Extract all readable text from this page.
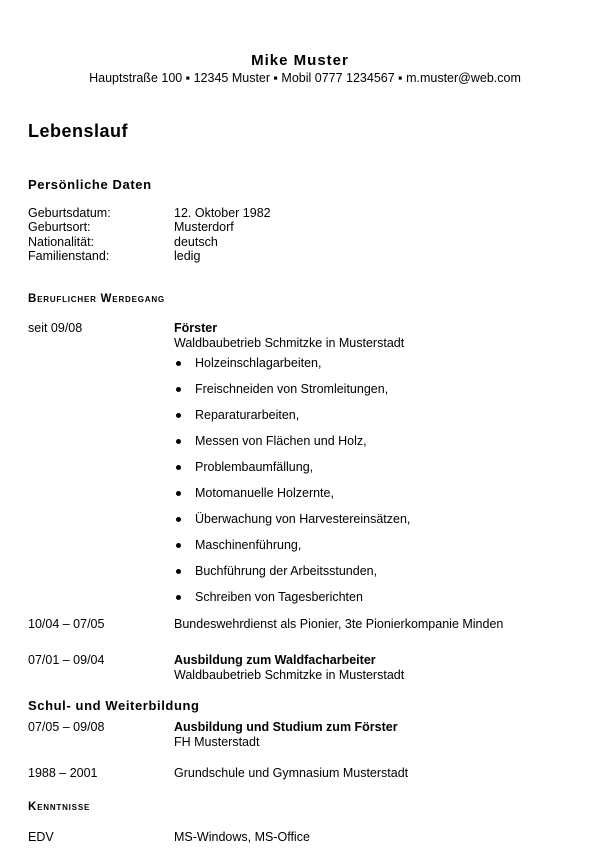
Mike Muster
Hauptstraße 100 ▪ 12345 Muster ▪ Mobil 0777 1234567 ▪ m.muster@web.com
Lebenslauf
Persönliche Daten
Geburtsdatum:	12. Oktober 1982
Geburtsort:	Musterdorf
Nationalität:	deutsch
Familienstand:	ledig
Beruflicher Werdegang
seit 09/08	Förster
Waldbaubetrieb Schmitzke in Musterstadt
Holzeinschlagarbeiten,
Freischneiden von Stromleitungen,
Reparaturarbeiten,
Messen von Flächen und Holz,
Problembaumfällung,
Motomanuelle Holzernte,
Überwachung von Harvestereinsätzen,
Maschinenführung,
Buchführung der Arbeitsstunden,
Schreiben von Tagesberichten
10/04 – 07/05	Bundeswehrdienst als Pionier, 3te Pionierkompanie Minden
07/01 – 09/04	Ausbildung zum Waldfacharbeiter
Waldbaubetrieb Schmitzke in Musterstadt
Schul- und Weiterbildung
07/05 – 09/08	Ausbildung und Studium zum Förster
FH Musterstadt
1988 – 2001	Grundschule und Gymnasium Musterstadt
Kenntnisse
EDV	MS-Windows, MS-Office
